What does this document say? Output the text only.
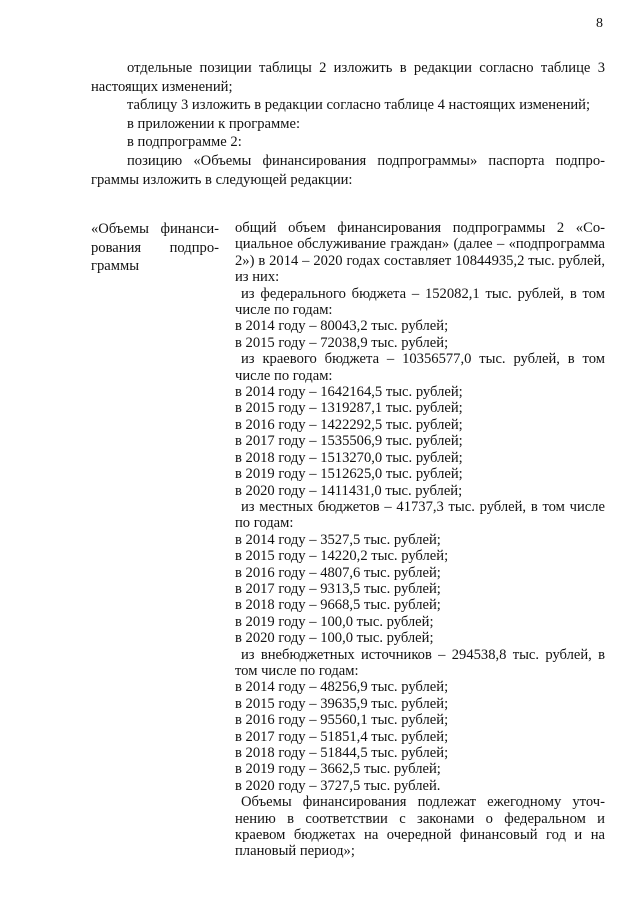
8

отдельные позиции таблицы 2 изложить в редакции согласно таблице 3 настоящих изменений;

таблицу 3 изложить в редакции согласно таблице 4 настоящих изменений;

в приложении к программе:

в подпрограмме 2:

позицию «Объемы финансирования подпрограммы» паспорта подпрограммы изложить в следующей редакции:

«Объемы финанси-
рования подпро-
граммы

общий объем финансирования подпрограммы 2 «Социальное обслуживание граждан» (далее – «подпрограмма 2») в 2014 – 2020 годах составляет 10844935,2 тыс. рублей, из них:

из федерального бюджета – 152082,1 тыс. рублей, в том числе по годам:

в 2014 году – 80043,2 тыс. рублей;

в 2015 году – 72038,9 тыс. рублей;

из краевого бюджета – 10356577,0 тыс. рублей, в том числе по годам:

в 2014 году – 1642164,5 тыс. рублей;

в 2015 году – 1319287,1 тыс. рублей;

в 2016 году – 1422292,5 тыс. рублей;

в 2017 году – 1535506,9 тыс. рублей;

в 2018 году – 1513270,0 тыс. рублей;

в 2019 году – 1512625,0 тыс. рублей;

в 2020 году – 1411431,0 тыс. рублей;

из местных бюджетов – 41737,3 тыс. рублей, в том числе по годам:

в 2014 году – 3527,5 тыс. рублей;

в 2015 году – 14220,2 тыс. рублей;

в 2016 году – 4807,6 тыс. рублей;

в 2017 году – 9313,5 тыс. рублей;

в 2018 году – 9668,5 тыс. рублей;

в 2019 году – 100,0 тыс. рублей;

в 2020 году – 100,0 тыс. рублей;

из внебюджетных источников – 294538,8 тыс. рублей, в том числе по годам:

в 2014 году – 48256,9 тыс. рублей;

в 2015 году – 39635,9 тыс. рублей;

в 2016 году – 95560,1 тыс. рублей;

в 2017 году – 51851,4 тыс. рублей;

в 2018 году – 51844,5 тыс. рублей;

в 2019 году – 3662,5 тыс. рублей;

в 2020 году – 3727,5 тыс. рублей.

Объемы финансирования подлежат ежегодному уточнению в соответствии с законами о федеральном и краевом бюджетах на очередной финансовый год и на плановый период»;
